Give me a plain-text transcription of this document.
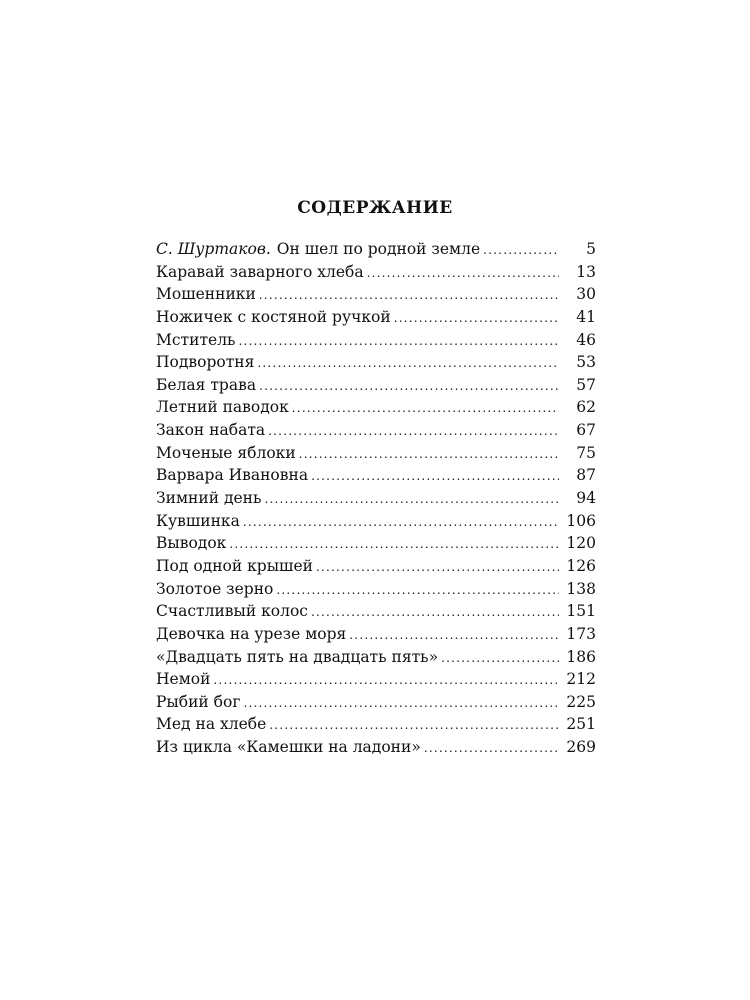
СОДЕРЖАНИЕ
С. Шуртаков. Он шел по родной земле .....	5
Каравай заварного хлеба .....	13
Мошенники .....	30
Ножичек с костяной ручкой .....	41
Мститель .....	46
Подворотня .....	53
Белая трава .....	57
Летний паводок .....	62
Закон набата .....	67
Моченые яблоки .....	75
Варвара Ивановна .....	87
Зимний день .....	94
Кувшинка .....	106
Выводок .....	120
Под одной крышей .....	126
Золотое зерно .....	138
Счастливый колос .....	151
Девочка на урезе моря .....	173
«Двадцать пять на двадцать пять» .....	186
Немой .....	212
Рыбий бог .....	225
Мед на хлебе .....	251
Из цикла «Камешки на ладони» .....	269
